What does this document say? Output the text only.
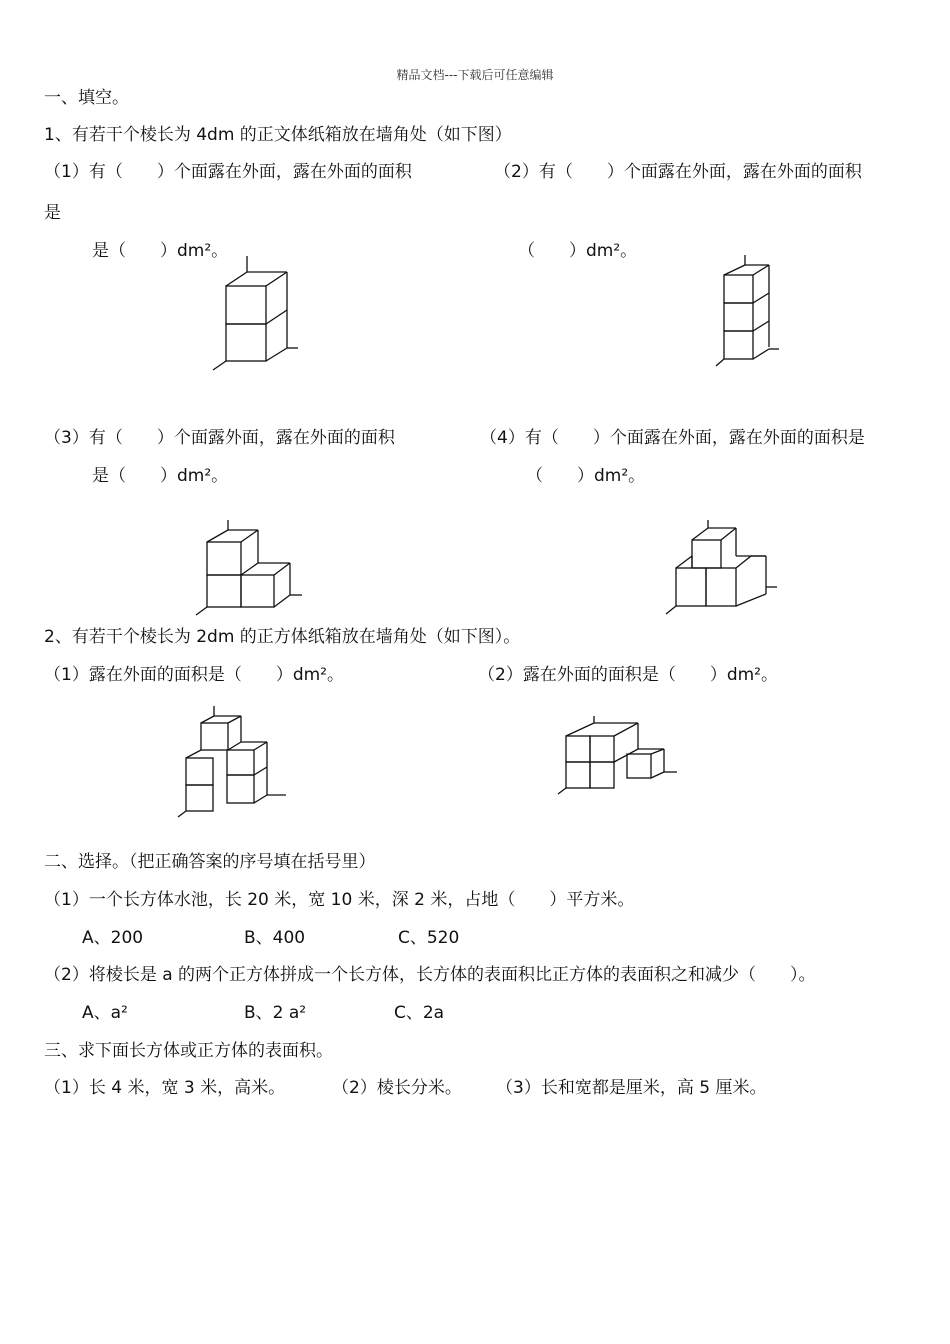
精品文档---下载后可任意编辑
一、填空。
1、有若干个棱长为 4dm 的正文体纸箱放在墙角处（如下图）
（1）有（　　）个面露在外面，露在外面的面积	（2）有（　　）个面露在外面，露在外面的面积
是
是（　　）dm²。	（　　）dm²。
（3）有（　　）个面露外面，露在外面的面积	（4）有（　　）个面露在外面，露在外面的面积是
是（　　）dm²。	（　　）dm²。
2、有若干个棱长为 2dm 的正方体纸箱放在墙角处（如下图）。
（1）露在外面的面积是（　　）dm²。	（2）露在外面的面积是（　　）dm²。
二、选择。（把正确答案的序号填在括号里）
（1）一个长方体水池，长 20 米，宽 10 米，深 2 米，占地（　　）平方米。
A、200	B、400	C、520
（2）将棱长是 a 的两个正方体拼成一个长方体，长方体的表面积比正方体的表面积之和减少（　　）。
A、a²	B、2 a²	C、2a
三、求下面长方体或正方体的表面积。
（1）长 4 米，宽 3 米，高米。	（2）棱长分米。 （3）长和宽都是厘米，高 5 厘米。
